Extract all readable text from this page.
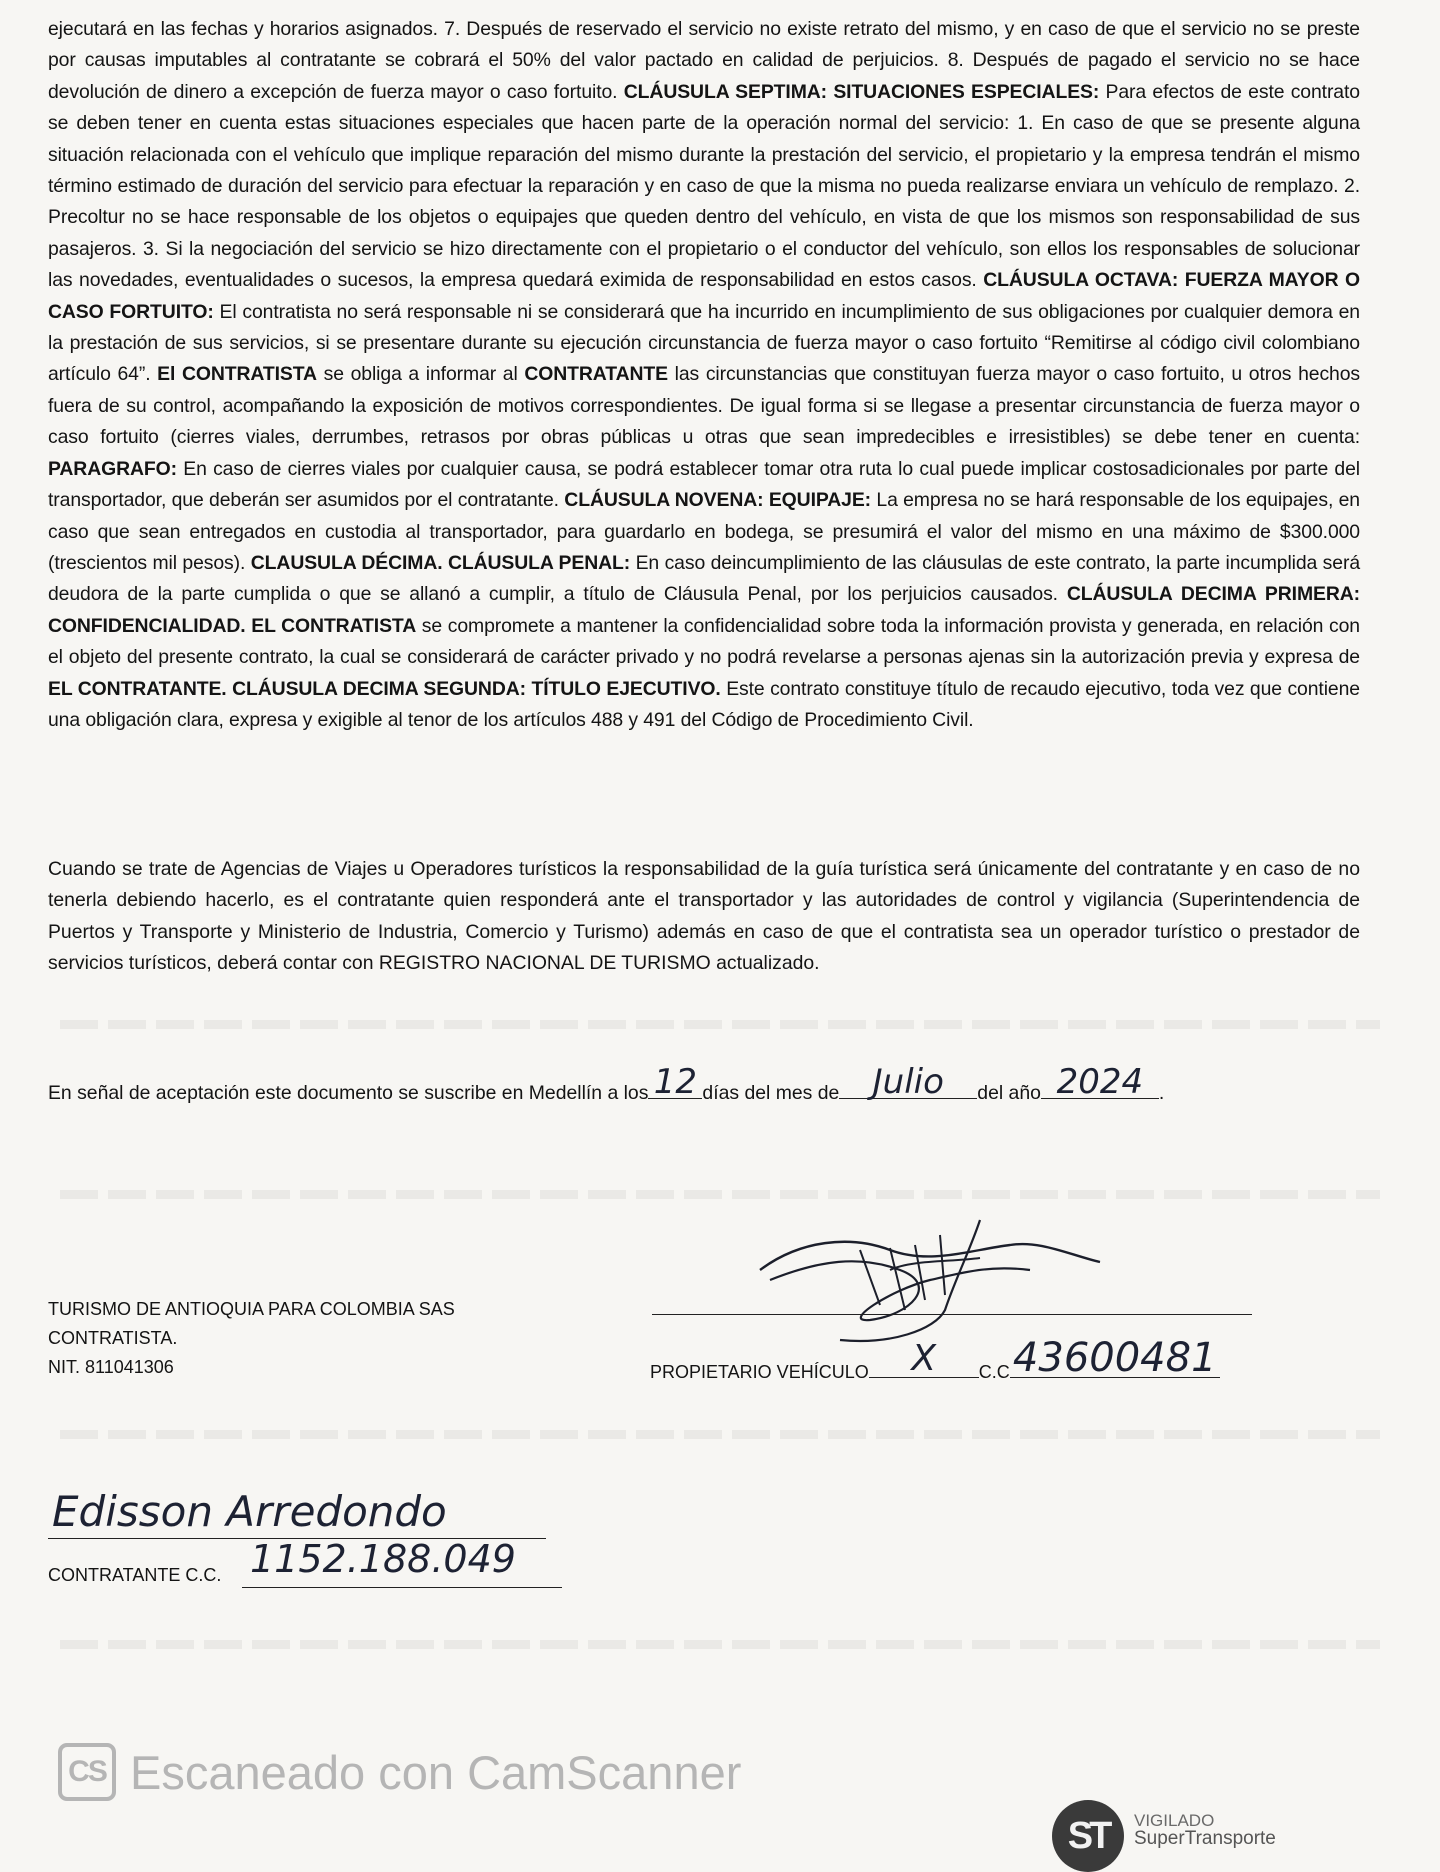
ejecutará en las fechas y horarios asignados. 7. Después de reservado el servicio no existe retrato del mismo, y en caso de que el servicio no se preste por causas imputables al contratante se cobrará el 50% del valor pactado en calidad de perjuicios. 8. Después de pagado el servicio no se hace devolución de dinero a excepción de fuerza mayor o caso fortuito. CLÁUSULA SEPTIMA: SITUACIONES ESPECIALES: Para efectos de este contrato se deben tener en cuenta estas situaciones especiales que hacen parte de la operación normal del servicio: 1. En caso de que se presente alguna situación relacionada con el vehículo que implique reparación del mismo durante la prestación del servicio, el propietario y la empresa tendrán el mismo término estimado de duración del servicio para efectuar la reparación y en caso de que la misma no pueda realizarse enviara un vehículo de remplazo. 2. Precoltur no se hace responsable de los objetos o equipajes que queden dentro del vehículo, en vista de que los mismos son responsabilidad de sus pasajeros. 3. Si la negociación del servicio se hizo directamente con el propietario o el conductor del vehículo, son ellos los responsables de solucionar las novedades, eventualidades o sucesos, la empresa quedará eximida de responsabilidad en estos casos. CLÁUSULA OCTAVA: FUERZA MAYOR O CASO FORTUITO: El contratista no será responsable ni se considerará que ha incurrido en incumplimiento de sus obligaciones por cualquier demora en la prestación de sus servicios, si se presentare durante su ejecución circunstancia de fuerza mayor o caso fortuito “Remitirse al código civil colombiano artículo 64”. El CONTRATISTA se obliga a informar al CONTRATANTE las circunstancias que constituyan fuerza mayor o caso fortuito, u otros hechos fuera de su control, acompañando la exposición de motivos correspondientes. De igual forma si se llegase a presentar circunstancia de fuerza mayor o caso fortuito (cierres viales, derrumbes, retrasos por obras públicas u otras que sean impredecibles e irresistibles) se debe tener en cuenta: PARAGRAFO: En caso de cierres viales por cualquier causa, se podrá establecer tomar otra ruta lo cual puede implicar costosadicionales por parte del transportador, que deberán ser asumidos por el contratante. CLÁUSULA NOVENA: EQUIPAJE: La empresa no se hará responsable de los equipajes, en caso que sean entregados en custodia al transportador, para guardarlo en bodega, se presumirá el valor del mismo en una máximo de $300.000 (trescientos mil pesos). CLAUSULA DÉCIMA. CLÁUSULA PENAL: En caso deincumplimiento de las cláusulas de este contrato, la parte incumplida será deudora de la parte cumplida o que se allanó a cumplir, a título de Cláusula Penal, por los perjuicios causados. CLÁUSULA DECIMA PRIMERA: CONFIDENCIALIDAD. EL CONTRATISTA se compromete a mantener la confidencialidad sobre toda la información provista y generada, en relación con el objeto del presente contrato, la cual se considerará de carácter privado y no podrá revelarse a personas ajenas sin la autorización previa y expresa de EL CONTRATANTE. CLÁUSULA DECIMA SEGUNDA: TÍTULO EJECUTIVO. Este contrato constituye título de recaudo ejecutivo, toda vez que contiene una obligación clara, expresa y exigible al tenor de los artículos 488 y 491 del Código de Procedimiento Civil.
Cuando se trate de Agencias de Viajes u Operadores turísticos la responsabilidad de la guía turística será únicamente del contratante y en caso de no tenerla debiendo hacerlo, es el contratante quien responderá ante el transportador y las autoridades de control y vigilancia (Superintendencia de Puertos y Transporte y Ministerio de Industria, Comercio y Turismo) además en caso de que el contratista sea un operador turístico o prestador de servicios turísticos, deberá contar con REGISTRO NACIONAL DE TURISMO actualizado.
En señal de aceptación este documento se suscribe en Medellín a los 12 días del mes de Julio	del año 2024 .
TURISMO DE ANTIOQUIA PARA COLOMBIA SAS
CONTRATISTA.
NIT. 811041306	PROPIETARIO VEHÍCULO	X	C.C 43600481
Edisson Arredondo
CONTRATANTE C.C. 1152.188.049
CS Escaneado con CamScanner
ST	VIGILADO
SuperTransporte
